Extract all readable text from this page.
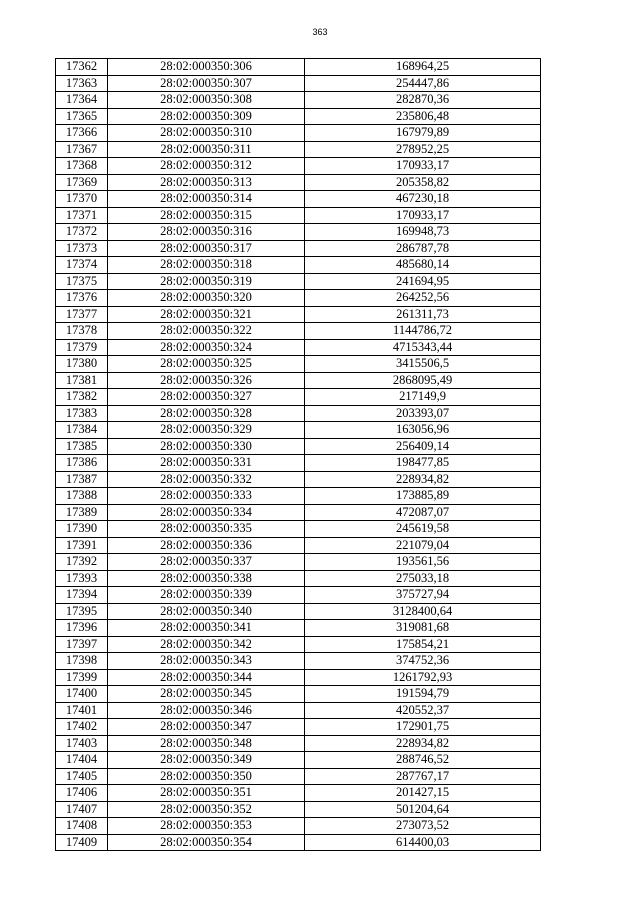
363
17362	28:02:000350:306	168964,25
17363	28:02:000350:307	254447,86
17364	28:02:000350:308	282870,36
17365	28:02:000350:309	235806,48
17366	28:02:000350:310	167979,89
17367	28:02:000350:311	278952,25
17368	28:02:000350:312	170933,17
17369	28:02:000350:313	205358,82
17370	28:02:000350:314	467230,18
17371	28:02:000350:315	170933,17
17372	28:02:000350:316	169948,73
17373	28:02:000350:317	286787,78
17374	28:02:000350:318	485680,14
17375	28:02:000350:319	241694,95
17376	28:02:000350:320	264252,56
17377	28:02:000350:321	261311,73
17378	28:02:000350:322	1144786,72
17379	28:02:000350:324	4715343,44
17380	28:02:000350:325	3415506,5
17381	28:02:000350:326	2868095,49
17382	28:02:000350:327	217149,9
17383	28:02:000350:328	203393,07
17384	28:02:000350:329	163056,96
17385	28:02:000350:330	256409,14
17386	28:02:000350:331	198477,85
17387	28:02:000350:332	228934,82
17388	28:02:000350:333	173885,89
17389	28:02:000350:334	472087,07
17390	28:02:000350:335	245619,58
17391	28:02:000350:336	221079,04
17392	28:02:000350:337	193561,56
17393	28:02:000350:338	275033,18
17394	28:02:000350:339	375727,94
17395	28:02:000350:340	3128400,64
17396	28:02:000350:341	319081,68
17397	28:02:000350:342	175854,21
17398	28:02:000350:343	374752,36
17399	28:02:000350:344	1261792,93
17400	28:02:000350:345	191594,79
17401	28:02:000350:346	420552,37
17402	28:02:000350:347	172901,75
17403	28:02:000350:348	228934,82
17404	28:02:000350:349	288746,52
17405	28:02:000350:350	287767,17
17406	28:02:000350:351	201427,15
17407	28:02:000350:352	501204,64
17408	28:02:000350:353	273073,52
17409	28:02:000350:354	614400,03
